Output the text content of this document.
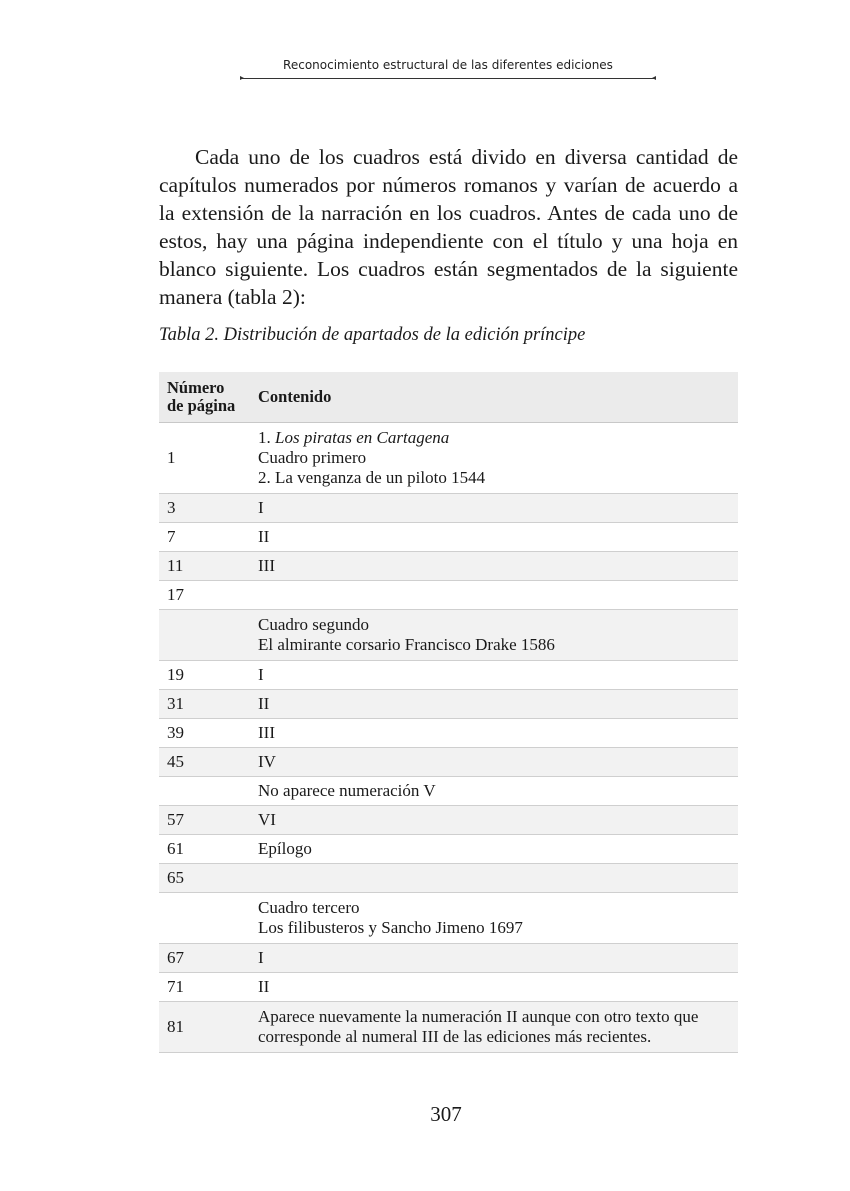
Reconocimiento estructural de las diferentes ediciones

Cada uno de los cuadros está divido en diversa cantidad de capítulos numerados por números romanos y varían de acuerdo a la extensión de la narración en los cuadros. Antes de cada uno de estos, hay una página independiente con el título y una hoja en blanco siguiente. Los cuadros están segmentados de la siguiente manera (tabla 2):

Tabla 2. Distribución de apartados de la edición príncipe

Número de página	Contenido
1	1. Los piratas en Cartagena
Cuadro primero
2. La venganza de un piloto 1544

3	I
7	II
11	III
17	

	Cuadro segundo
El almirante corsario Francisco Drake 1586

19	I
31	II
39	III
45	IV
	No aparece numeración V
57	VI
61	Epílogo
65	

	Cuadro tercero
Los filibusteros y Sancho Jimeno 1697

67	I
71	II
81	Aparece nuevamente la numeración II aunque con otro texto que corresponde al numeral III de las ediciones más recientes.
307
